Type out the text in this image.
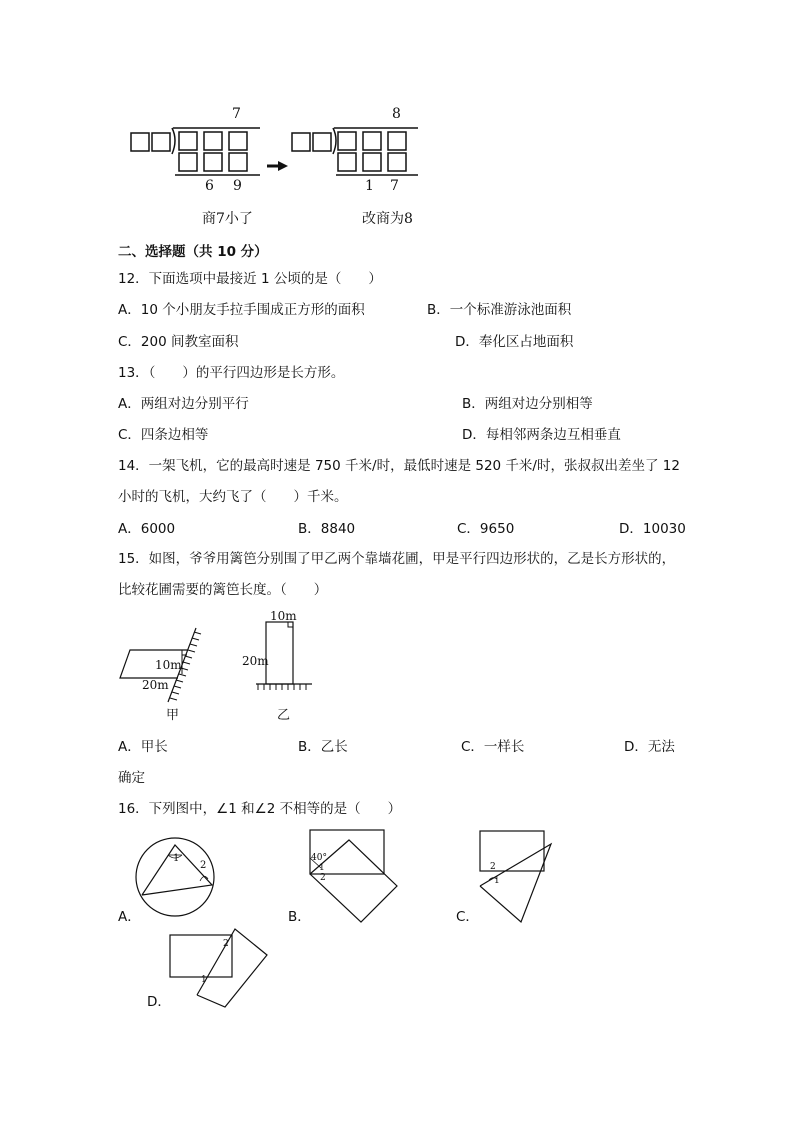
7
6 9
商7小了
8
1 7
改商为8
二、选择题（共 10 分）
12．下面选项中最接近 1 公顷的是（　　）
A．10 个小朋友手拉手围成正方形的面积	B．一个标准游泳池面积
C．200 间教室面积	D．奉化区占地面积
13．（　　）的平行四边形是长方形。
A．两组对边分别平行	B．两组对边分别相等
C．四条边相等	D．每相邻两条边互相垂直
14．一架飞机，它的最高时速是 750 千米/时，最低时速是 520 千米/时，张叔叔出差坐了 12
小时的飞机，大约飞了（　　）千米。
A．6000	B．8840	C．9650	D．10030
15．如图，爷爷用篱笆分别围了甲乙两个靠墙花圃，甲是平行四边形状的，乙是长方形状的，
比较花圃需要的篱笆长度。（　　）
10m
20m
甲
10m
20m
乙
A．甲长	B．乙长	C．一样长	D．无法
确定
16．下列图中，∠1 和∠2 不相等的是（　　）
1
2
A．
40°
1
2
B．
2
1
C．
2
1
D．
